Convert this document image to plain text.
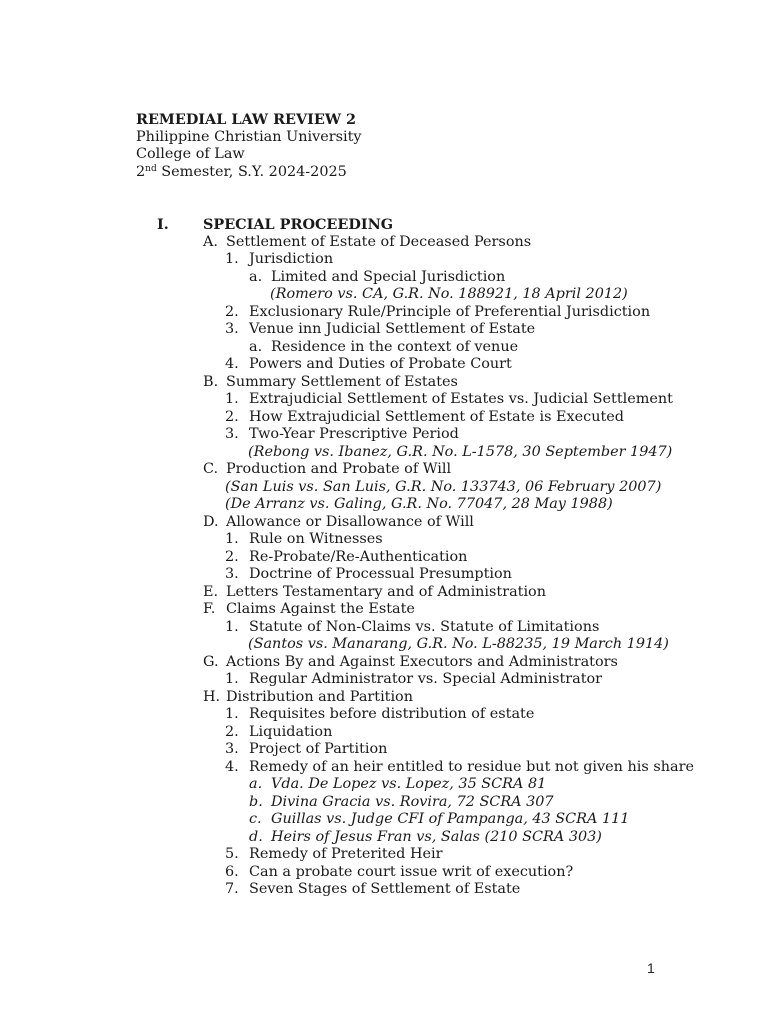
REMEDIAL LAW REVIEW 2
Philippine Christian University
College of Law
2nd Semester, S.Y. 2024-2025
I. SPECIAL PROCEEDING
A. Settlement of Estate of Deceased Persons
1. Jurisdiction
a. Limited and Special Jurisdiction
(Romero vs. CA, G.R. No. 188921, 18 April 2012)
2. Exclusionary Rule/Principle of Preferential Jurisdiction
3. Venue inn Judicial Settlement of Estate
a. Residence in the context of venue
4. Powers and Duties of Probate Court
B. Summary Settlement of Estates
1. Extrajudicial Settlement of Estates vs. Judicial Settlement
2. How Extrajudicial Settlement of Estate is Executed
3. Two-Year Prescriptive Period
(Rebong vs. Ibanez, G.R. No. L-1578, 30 September 1947)
C. Production and Probate of Will
(San Luis vs. San Luis, G.R. No. 133743, 06 February 2007)
(De Arranz vs. Galing, G.R. No. 77047, 28 May 1988)
D. Allowance or Disallowance of Will
1. Rule on Witnesses
2. Re-Probate/Re-Authentication
3. Doctrine of Processual Presumption
E. Letters Testamentary and of Administration
F. Claims Against the Estate
1. Statute of Non-Claims vs. Statute of Limitations
(Santos vs. Manarang, G.R. No. L-88235, 19 March 1914)
G. Actions By and Against Executors and Administrators
1. Regular Administrator vs. Special Administrator
H. Distribution and Partition
1. Requisites before distribution of estate
2. Liquidation
3. Project of Partition
4. Remedy of an heir entitled to residue but not given his share
a. Vda. De Lopez vs. Lopez, 35 SCRA 81
b. Divina Gracia vs. Rovira, 72 SCRA 307
c. Guillas vs. Judge CFI of Pampanga, 43 SCRA 111
d. Heirs of Jesus Fran vs, Salas (210 SCRA 303)
5. Remedy of Preterited Heir
6. Can a probate court issue writ of execution?
7. Seven Stages of Settlement of Estate
1
